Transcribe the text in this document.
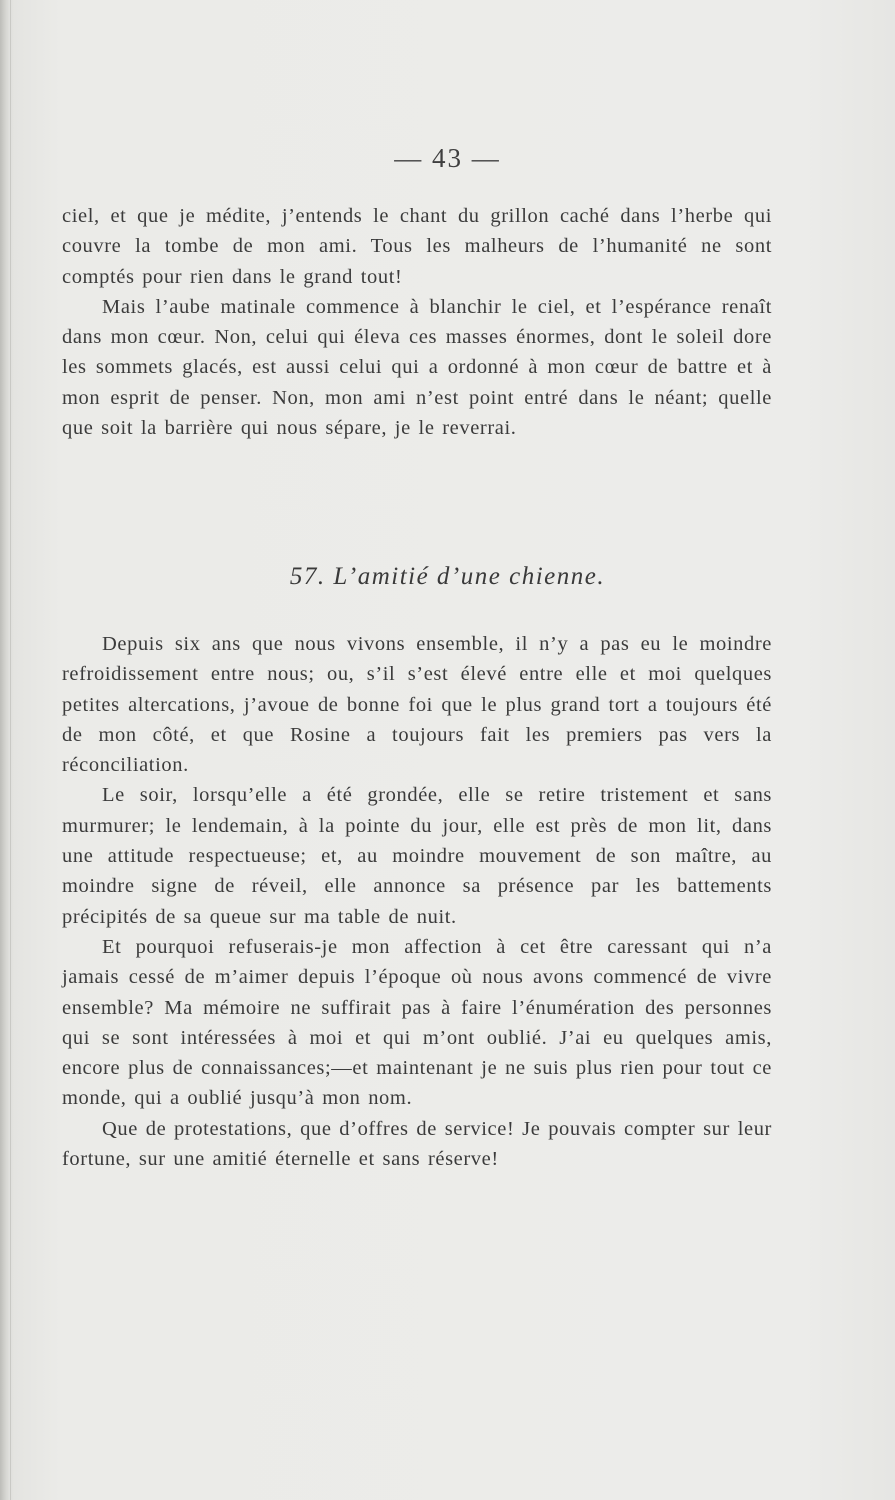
— 43 —

ciel, et que je médite, j’entends le chant du grillon caché dans l’herbe qui couvre la tombe de mon ami. Tous les malheurs de l’humanité ne sont comptés pour rien dans le grand tout!

Mais l’aube matinale commence à blanchir le ciel, et l’espérance renaît dans mon cœur. Non, celui qui éleva ces masses énormes, dont le soleil dore les sommets glacés, est aussi celui qui a ordonné à mon cœur de battre et à mon esprit de penser. Non, mon ami n’est point entré dans le néant; quelle que soit la barrière qui nous sépare, je le reverrai.

57. L’amitié d’une chienne.

Depuis six ans que nous vivons ensemble, il n’y a pas eu le moindre refroidissement entre nous; ou, s’il s’est élevé entre elle et moi quelques petites altercations, j’avoue de bonne foi que le plus grand tort a toujours été de mon côté, et que Rosine a toujours fait les premiers pas vers la réconciliation.

Le soir, lorsqu’elle a été grondée, elle se retire tristement et sans murmurer; le lendemain, à la pointe du jour, elle est près de mon lit, dans une attitude respectueuse; et, au moindre mouvement de son maître, au moindre signe de réveil, elle annonce sa présence par les battements précipités de sa queue sur ma table de nuit.

Et pourquoi refuserais-je mon affection à cet être caressant qui n’a jamais cessé de m’aimer depuis l’époque où nous avons commencé de vivre ensemble? Ma mémoire ne suffirait pas à faire l’énumération des personnes qui se sont intéressées à moi et qui m’ont oublié. J’ai eu quelques amis, encore plus de connaissances;—et maintenant je ne suis plus rien pour tout ce monde, qui a oublié jusqu’à mon nom.

Que de protestations, que d’offres de service! Je pouvais compter sur leur fortune, sur une amitié éternelle et sans réserve!
